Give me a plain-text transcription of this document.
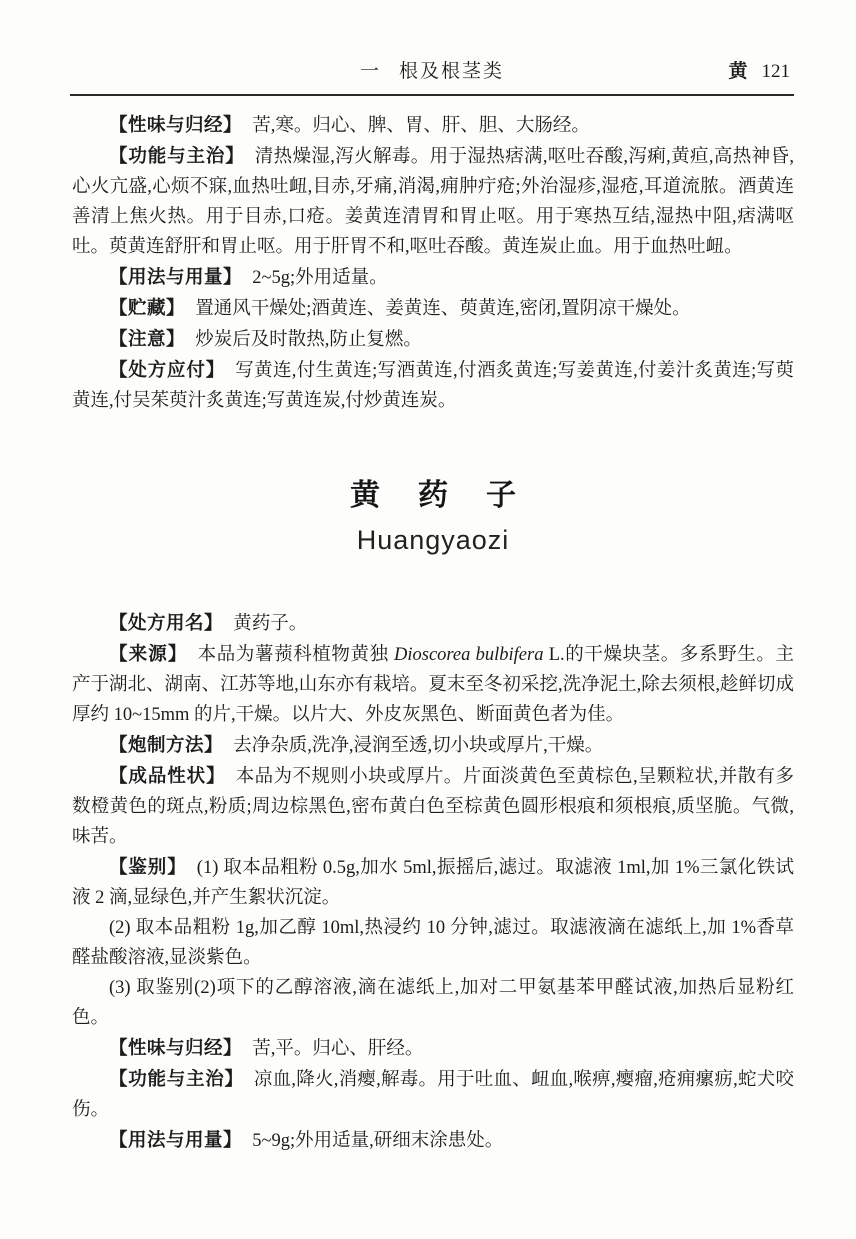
一 根及根茎类	黄 121

【性味与归经】 苦,寒。归心、脾、胃、肝、胆、大肠经。

【功能与主治】 清热燥湿,泻火解毒。用于湿热痞满,呕吐吞酸,泻痢,黄疸,高热神昏,心火亢盛,心烦不寐,血热吐衄,目赤,牙痛,消渴,痈肿疔疮;外治湿疹,湿疮,耳道流脓。酒黄连善清上焦火热。用于目赤,口疮。姜黄连清胃和胃止呕。用于寒热互结,湿热中阻,痞满呕吐。萸黄连舒肝和胃止呕。用于肝胃不和,呕吐吞酸。黄连炭止血。用于血热吐衄。

【用法与用量】 2~5g;外用适量。

【贮藏】 置通风干燥处;酒黄连、姜黄连、萸黄连,密闭,置阴凉干燥处。

【注意】 炒炭后及时散热,防止复燃。

【处方应付】 写黄连,付生黄连;写酒黄连,付酒炙黄连;写姜黄连,付姜汁炙黄连;写萸黄连,付吴茱萸汁炙黄连;写黄连炭,付炒黄连炭。

黄药子
Huangyaozi

【处方用名】 黄药子。

【来源】 本品为薯蓣科植物黄独 Dioscorea bulbifera L.的干燥块茎。多系野生。主产于湖北、湖南、江苏等地,山东亦有栽培。夏末至冬初采挖,洗净泥土,除去须根,趁鲜切成厚约 10~15mm 的片,干燥。以片大、外皮灰黑色、断面黄色者为佳。

【炮制方法】 去净杂质,洗净,浸润至透,切小块或厚片,干燥。

【成品性状】 本品为不规则小块或厚片。片面淡黄色至黄棕色,呈颗粒状,并散有多数橙黄色的斑点,粉质;周边棕黑色,密布黄白色至棕黄色圆形根痕和须根痕,质坚脆。气微,味苦。

【鉴别】 (1) 取本品粗粉 0.5g,加水 5ml,振摇后,滤过。取滤液 1ml,加 1%三氯化铁试液 2 滴,显绿色,并产生絮状沉淀。

(2) 取本品粗粉 1g,加乙醇 10ml,热浸约 10 分钟,滤过。取滤液滴在滤纸上,加 1%香草醛盐酸溶液,显淡紫色。

(3) 取鉴别(2)项下的乙醇溶液,滴在滤纸上,加对二甲氨基苯甲醛试液,加热后显粉红色。

【性味与归经】 苦,平。归心、肝经。

【功能与主治】 凉血,降火,消瘿,解毒。用于吐血、衄血,喉痹,瘿瘤,疮痈瘰疬,蛇犬咬伤。

【用法与用量】 5~9g;外用适量,研细末涂患处。
